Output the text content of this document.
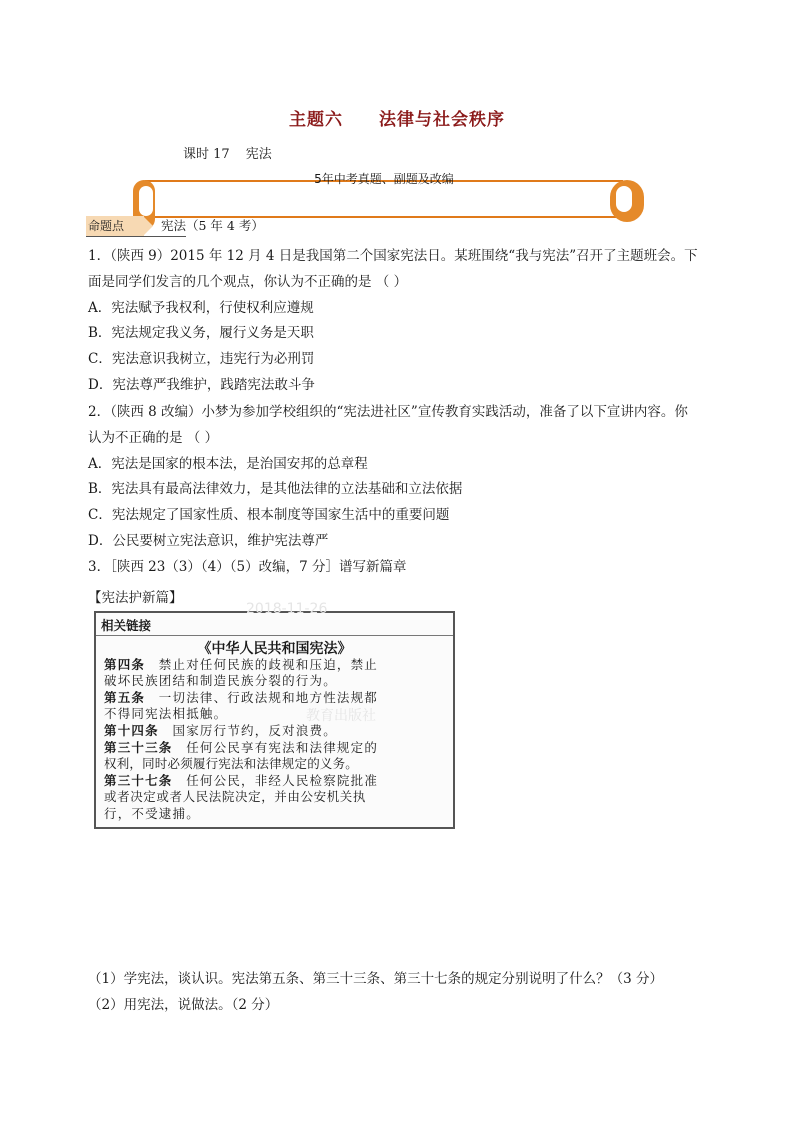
主题六 法律与社会秩序
课时 17 宪法
5年中考真题、副题及改编
命题点	宪法（5 年 4 考）
1．（陕西 9）2015 年 12 月 4 日是我国第二个国家宪法日。某班围绕“我与宪法”召开了主题班会。下
面是同学们发言的几个观点，你认为不正确的是 （ ）
A．宪法赋予我权利，行使权利应遵规
B．宪法规定我义务，履行义务是天职
C．宪法意识我树立，违宪行为必刑罚
D．宪法尊严我维护，践踏宪法敢斗争
2．（陕西 8 改编）小梦为参加学校组织的“宪法进社区”宣传教育实践活动，准备了以下宣讲内容。你
认为不正确的是 （ ）
A．宪法是国家的根本法，是治国安邦的总章程
B．宪法具有最高法律效力，是其他法律的立法基础和立法依据
C．宪法规定了国家性质、根本制度等国家生活中的重要问题
D．公民要树立宪法意识，维护宪法尊严
3．［陕西 23（3）（4）（5）改编，7 分］谱写新篇章
【宪法护新篇】
2018-11-26
教育出版社
相关链接
《中华人民共和国宪法》
第四条　禁止对任何民族的歧视和压迫，禁止
破坏民族团结和制造民族分裂的行为。
第五条　一切法律、行政法规和地方性法规都
不得同宪法相抵触。
第十四条　国家厉行节约，反对浪费。
第三十三条　任何公民享有宪法和法律规定的
权利，同时必须履行宪法和法律规定的义务。
第三十七条　任何公民，非经人民检察院批准
或者决定或者人民法院决定，并由公安机关执
行，不受逮捕。
（1）学宪法，谈认识。宪法第五条、第三十三条、第三十七条的规定分别说明了什么？（3 分）
（2）用宪法，说做法。（2 分）
